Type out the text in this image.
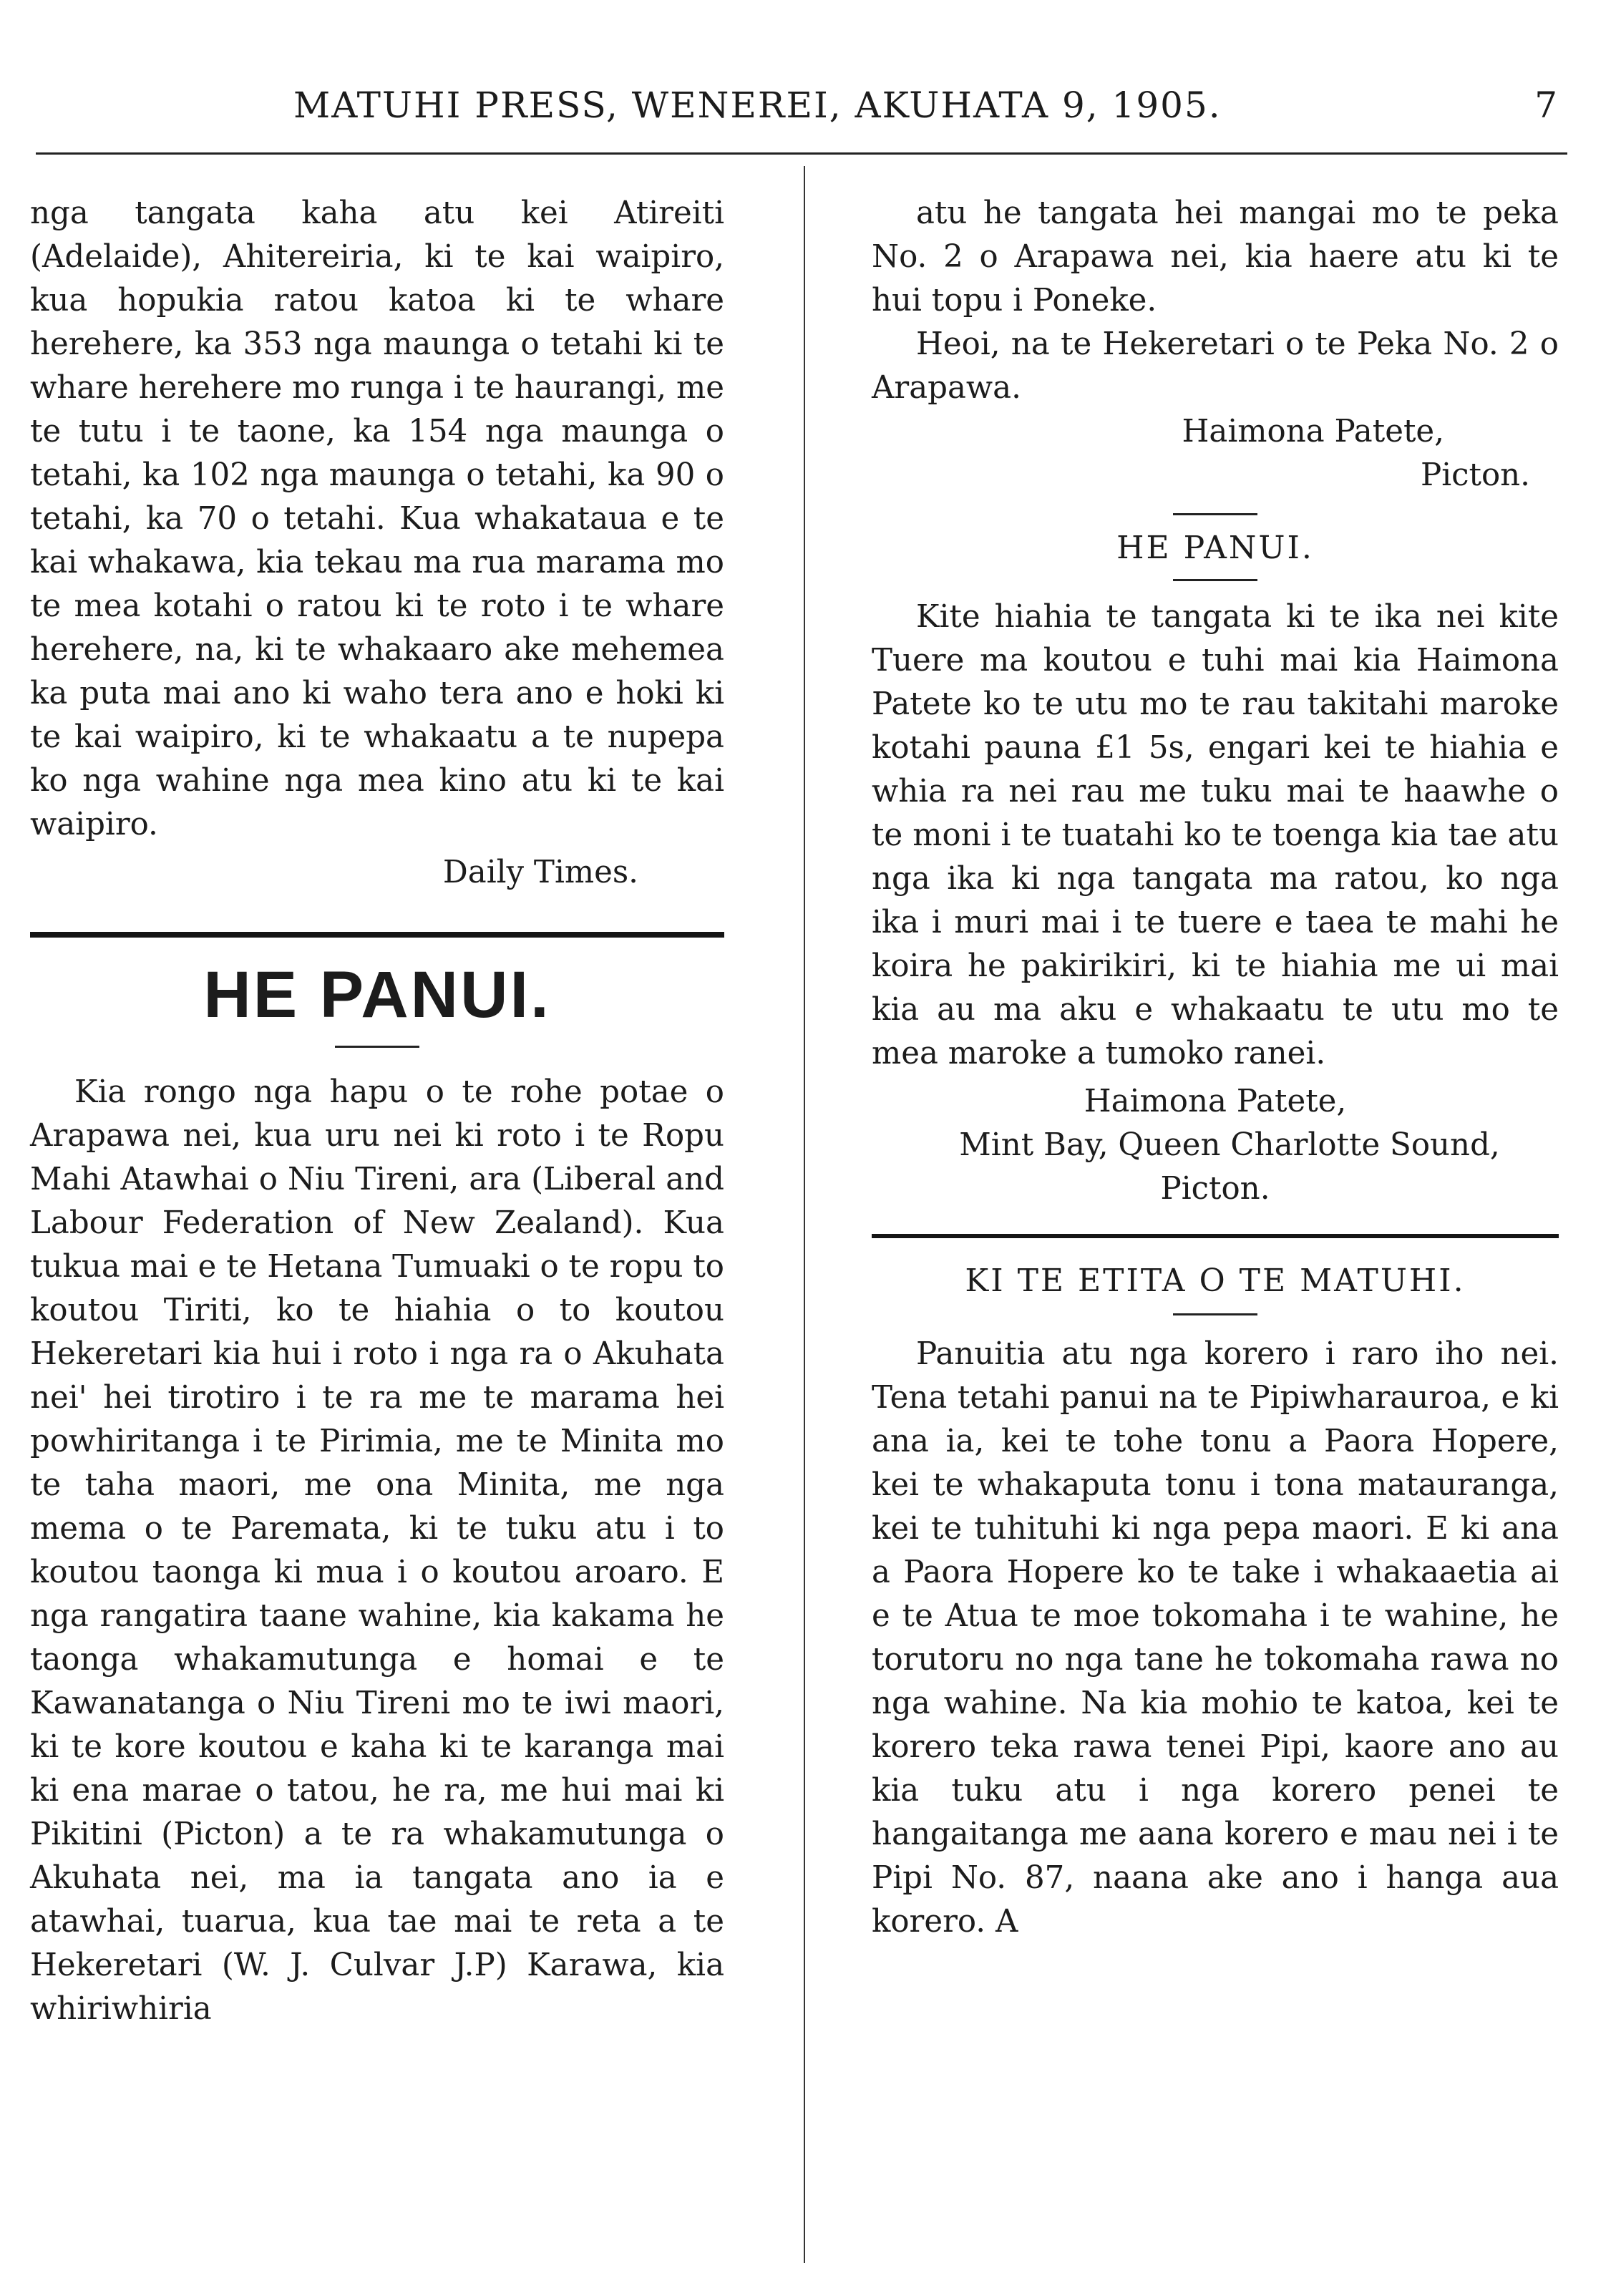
MATUHI PRESS, WENEREI, AKUHATA 9, 1905.	7

nga tangata kaha atu kei Atireiti (Adelaide), Ahitereiria, ki te kai waipiro, kua hopukia ratou katoa ki te whare herehere, ka 353 nga maunga o tetahi ki te whare herehere mo runga i te haurangi, me te tutu i te taone, ka 154 nga maunga o tetahi, ka 102 nga maunga o tetahi, ka 90 o tetahi, ka 70 o tetahi. Kua whakataua e te kai whakawa, kia tekau ma rua marama mo te mea kotahi o ratou ki te roto i te whare herehere, na, ki te whakaaro ake mehemea ka puta mai ano ki waho tera ano e hoki ki te kai waipiro, ki te whakaatu a te nupepa ko nga wahine nga mea kino atu ki te kai waipiro.

Daily Times.

HE PANUI.

Kia rongo nga hapu o te rohe potae o Arapawa nei, kua uru nei ki roto i te Ropu Mahi Atawhai o Niu Tireni, ara (Liberal and Labour Federation of New Zealand). Kua tukua mai e te Hetana Tumuaki o te ropu to koutou Tiriti, ko te hiahia o to koutou Hekeretari kia hui i roto i nga ra o Akuhata nei' hei tirotiro i te ra me te marama hei powhiritanga i te Pirimia, me te Minita mo te taha maori, me ona Minita, me nga mema o te Paremata, ki te tuku atu i to koutou taonga ki mua i o koutou aroaro. E nga rangatira taane wahine, kia kakama he taonga whakamutunga e homai e te Kawanatanga o Niu Tireni mo te iwi maori, ki te kore koutou e kaha ki te karanga mai ki ena marae o tatou, he ra, me hui mai ki Pikitini (Picton) a te ra whakamutunga o Akuhata nei, ma ia tangata ano ia e atawhai, tuarua, kua tae mai te reta a te Hekeretari (W. J. Culvar J.P) Karawa, kia whiriwhiria

atu he tangata hei mangai mo te peka No. 2 o Arapawa nei, kia haere atu ki te hui topu i Poneke.

Heoi, na te Hekeretari o te Peka No. 2 o Arapawa.

Haimona Patete,

Picton.

HE PANUI.

Kite hiahia te tangata ki te ika nei kite Tuere ma koutou e tuhi mai kia Haimona Patete ko te utu mo te rau takitahi maroke kotahi pauna £1 5s, engari kei te hiahia e whia ra nei rau me tuku mai te haawhe o te moni i te tuatahi ko te toenga kia tae atu nga ika ki nga tangata ma ratou, ko nga ika i muri mai i te tuere e taea te mahi he koira he pakirikiri, ki te hiahia me ui mai kia au ma aku e whakaatu te utu mo te mea maroke a tumoko ranei.

Haimona Patete,

Mint Bay, Queen Charlotte Sound,

Picton.

KI TE ETITA O TE MATUHI.

Panuitia atu nga korero i raro iho nei. Tena tetahi panui na te Pipiwharauroa, e ki ana ia, kei te tohe tonu a Paora Hopere, kei te whakaputa tonu i tona matauranga, kei te tuhituhi ki nga pepa maori. E ki ana a Paora Hopere ko te take i whakaaetia ai e te Atua te moe tokomaha i te wahine, he torutoru no nga tane he tokomaha rawa no nga wahine. Na kia mohio te katoa, kei te korero teka rawa tenei Pipi, kaore ano au kia tuku atu i nga korero penei te hangaitanga me aana korero e mau nei i te Pipi No. 87, naana ake ano i hanga aua korero. A
